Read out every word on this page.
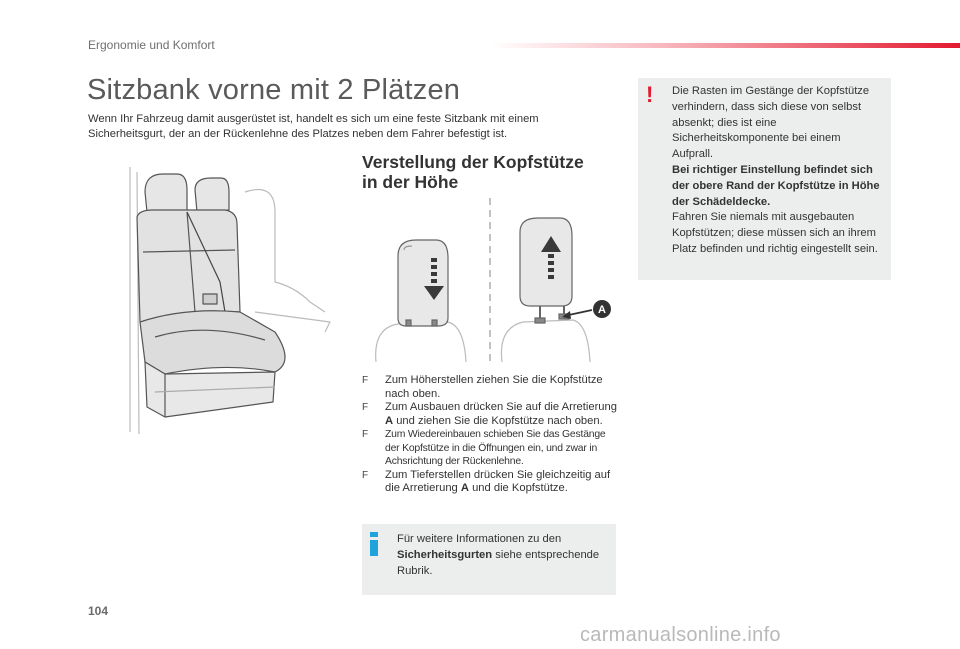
Ergonomie und Komfort
Sitzbank vorne mit 2 Plätzen

Wenn Ihr Fahrzeug damit ausgerüstet ist, handelt es sich um eine feste Sitzbank mit einem Sicherheitsgurt, der an der Rückenlehne des Platzes neben dem Fahrer befestigt ist.

Verstellung der Kopfstütze
in der Höhe
A
F Zum Höherstellen ziehen Sie die Kopfstütze nach oben.
F Zum Ausbauen drücken Sie auf die Arretierung A und ziehen Sie die Kopfstütze nach oben.
F Zum Wiedereinbauen schieben Sie das Gestänge der Kopfstütze in die Öffnungen ein, und zwar in Achsrichtung der Rückenlehne.
F Zum Tieferstellen drücken Sie gleichzeitig auf die Arretierung A und die Kopfstütze.
Für weitere Informationen zu den Sicherheitsgurten siehe entsprechende Rubrik.
! Die Rasten im Gestänge der Kopfstütze verhindern, dass sich diese von selbst absenkt; dies ist eine Sicherheitskomponente bei einem Aufprall.
Bei richtiger Einstellung befindet sich der obere Rand der Kopfstütze in Höhe der Schädeldecke.
Fahren Sie niemals mit ausgebauten Kopfstützen; diese müssen sich an ihrem Platz befinden und richtig eingestellt sein.
104
carmanualsonline.info
